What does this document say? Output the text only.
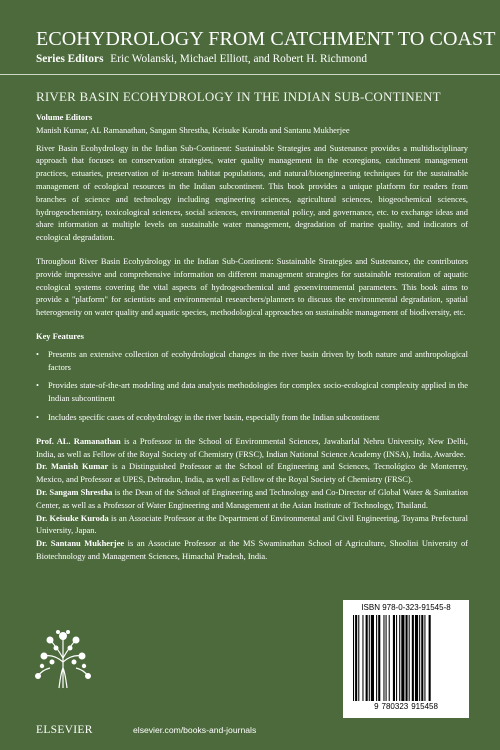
ECOHYDROLOGY FROM CATCHMENT TO COAST
Series Editors Eric Wolanski, Michael Elliott, and Robert H. Richmond
RIVER BASIN ECOHYDROLOGY IN THE INDIAN SUB-CONTINENT
Volume Editors
Manish Kumar, AL Ramanathan, Sangam Shrestha, Keisuke Kuroda and Santanu Mukherjee

River Basin Ecohydrology in the Indian Sub-Continent: Sustainable Strategies and Sustenance provides a multidisciplinary approach that focuses on conservation strategies, water quality management in the ecoregions, catchment management practices, estuaries, preservation of in-stream habitat populations, and natural/bioengineering techniques for the sustainable management of ecological resources in the Indian subcontinent. This book provides a unique platform for readers from branches of science and technology including engineering sciences, agricultural sciences, biogeochemical sciences, hydrogeochemistry, toxicological sciences, social sciences, environmental policy, and governance, etc. to exchange ideas and share information at multiple levels on sustainable water management, degradation of marine quality, and indicators of ecological degradation.

Throughout River Basin Ecohydrology in the Indian Sub-Continent: Sustainable Strategies and Sustenance, the contributors provide impressive and comprehensive information on different management strategies for sustainable restoration of aquatic ecological systems covering the vital aspects of hydrogeochemical and geoenvironmental parameters. This book aims to provide a "platform" for scientists and environmental researchers/planners to discuss the environmental degradation, spatial heterogeneity on water quality and aquatic species, methodological approaches on sustainable management of biodiversity, etc.

Key Features
• Presents an extensive collection of ecohydrological changes in the river basin driven by both nature and anthropological factors
• Provides state-of-the-art modeling and data analysis methodologies for complex socio-ecological complexity applied in the Indian subcontinent
• Includes specific cases of ecohydrology in the river basin, especially from the Indian subcontinent

Prof. AL. Ramanathan is a Professor in the School of Environmental Sciences, Jawaharlal Nehru University, New Delhi, India, as well as Fellow of the Royal Society of Chemistry (FRSC), Indian National Science Academy (INSA), India, Awardee.

Dr. Manish Kumar is a Distinguished Professor at the School of Engineering and Sciences, Tecnológico de Monterrey, Mexico, and Professor at UPES, Dehradun, India, as well as Fellow of the Royal Society of Chemistry (FRSC).

Dr. Sangam Shrestha is the Dean of the School of Engineering and Technology and Co-Director of Global Water & Sanitation Center, as well as a Professor of Water Engineering and Management at the Asian Institute of Technology, Thailand.

Dr. Keisuke Kuroda is an Associate Professor at the Department of Environmental and Civil Engineering, Toyama Prefectural University, Japan.

Dr. Santanu Mukherjee is an Associate Professor at the MS Swaminathan School of Agriculture, Shoolini University of Biotechnology and Management Sciences, Himachal Pradesh, India.

ELSEVIER	elsevier.com/books-and-journals
ISBN 978-0-323-91545-8
9 780323 915458
